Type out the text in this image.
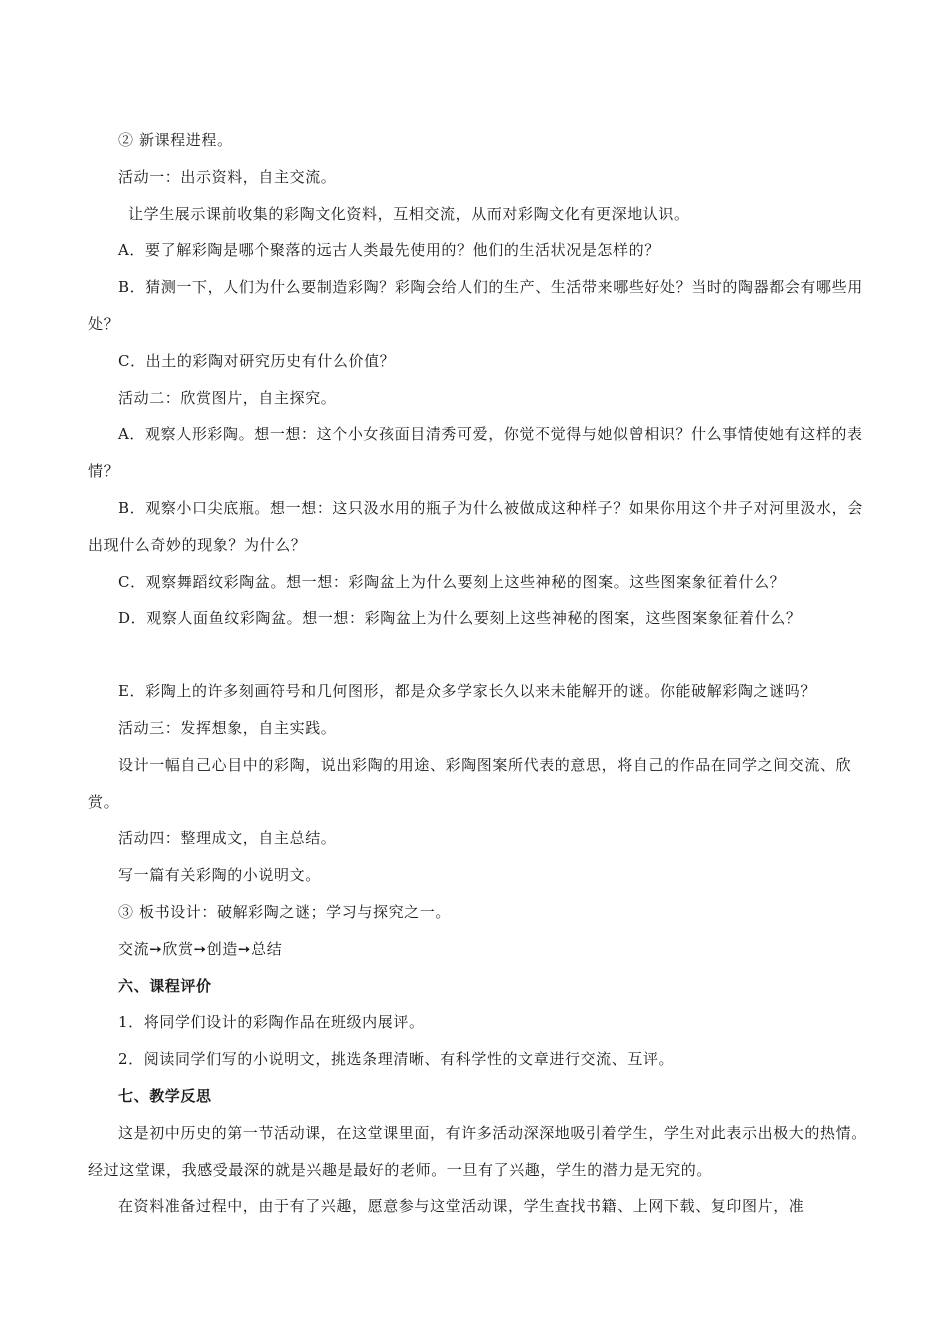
② 新课程进程。

活动一：出示资料，自主交流。

让学生展示课前收集的彩陶文化资料，互相交流，从而对彩陶文化有更深地认识。

A．要了解彩陶是哪个聚落的远古人类最先使用的？他们的生活状况是怎样的？

B．猜测一下，人们为什么要制造彩陶？彩陶会给人们的生产、生活带来哪些好处？当时的陶器都会有哪些用处？

C．出土的彩陶对研究历史有什么价值？

活动二：欣赏图片，自主探究。

A．观察人形彩陶。想一想：这个小女孩面目清秀可爱，你觉不觉得与她似曾相识？什么事情使她有这样的表情？

B．观察小口尖底瓶。想一想：这只汲水用的瓶子为什么被做成这种样子？如果你用这个井子对河里汲水，会出现什么奇妙的现象？为什么？

C．观察舞蹈纹彩陶盆。想一想：彩陶盆上为什么要刻上这些神秘的图案。这些图案象征着什么？

D．观察人面鱼纹彩陶盆。想一想：彩陶盆上为什么要刻上这些神秘的图案，这些图案象征着什么？

E．彩陶上的许多刻画符号和几何图形，都是众多学家长久以来未能解开的谜。你能破解彩陶之谜吗？

活动三：发挥想象，自主实践。

设计一幅自己心目中的彩陶，说出彩陶的用途、彩陶图案所代表的意思，将自己的作品在同学之间交流、欣赏。

活动四：整理成文，自主总结。

写一篇有关彩陶的小说明文。

③ 板书设计：破解彩陶之谜；学习与探究之一。

交流➙欣赏➙创造➙总结

六、课程评价

1．将同学们设计的彩陶作品在班级内展评。

2．阅读同学们写的小说明文，挑选条理清晰、有科学性的文章进行交流、互评。

七、教学反思

这是初中历史的第一节活动课，在这堂课里面，有许多活动深深地吸引着学生，学生对此表示出极大的热情。经过这堂课，我感受最深的就是兴趣是最好的老师。一旦有了兴趣，学生的潜力是无究的。

在资料准备过程中，由于有了兴趣，愿意参与这堂活动课，学生查找书籍、上网下载、复印图片，准
